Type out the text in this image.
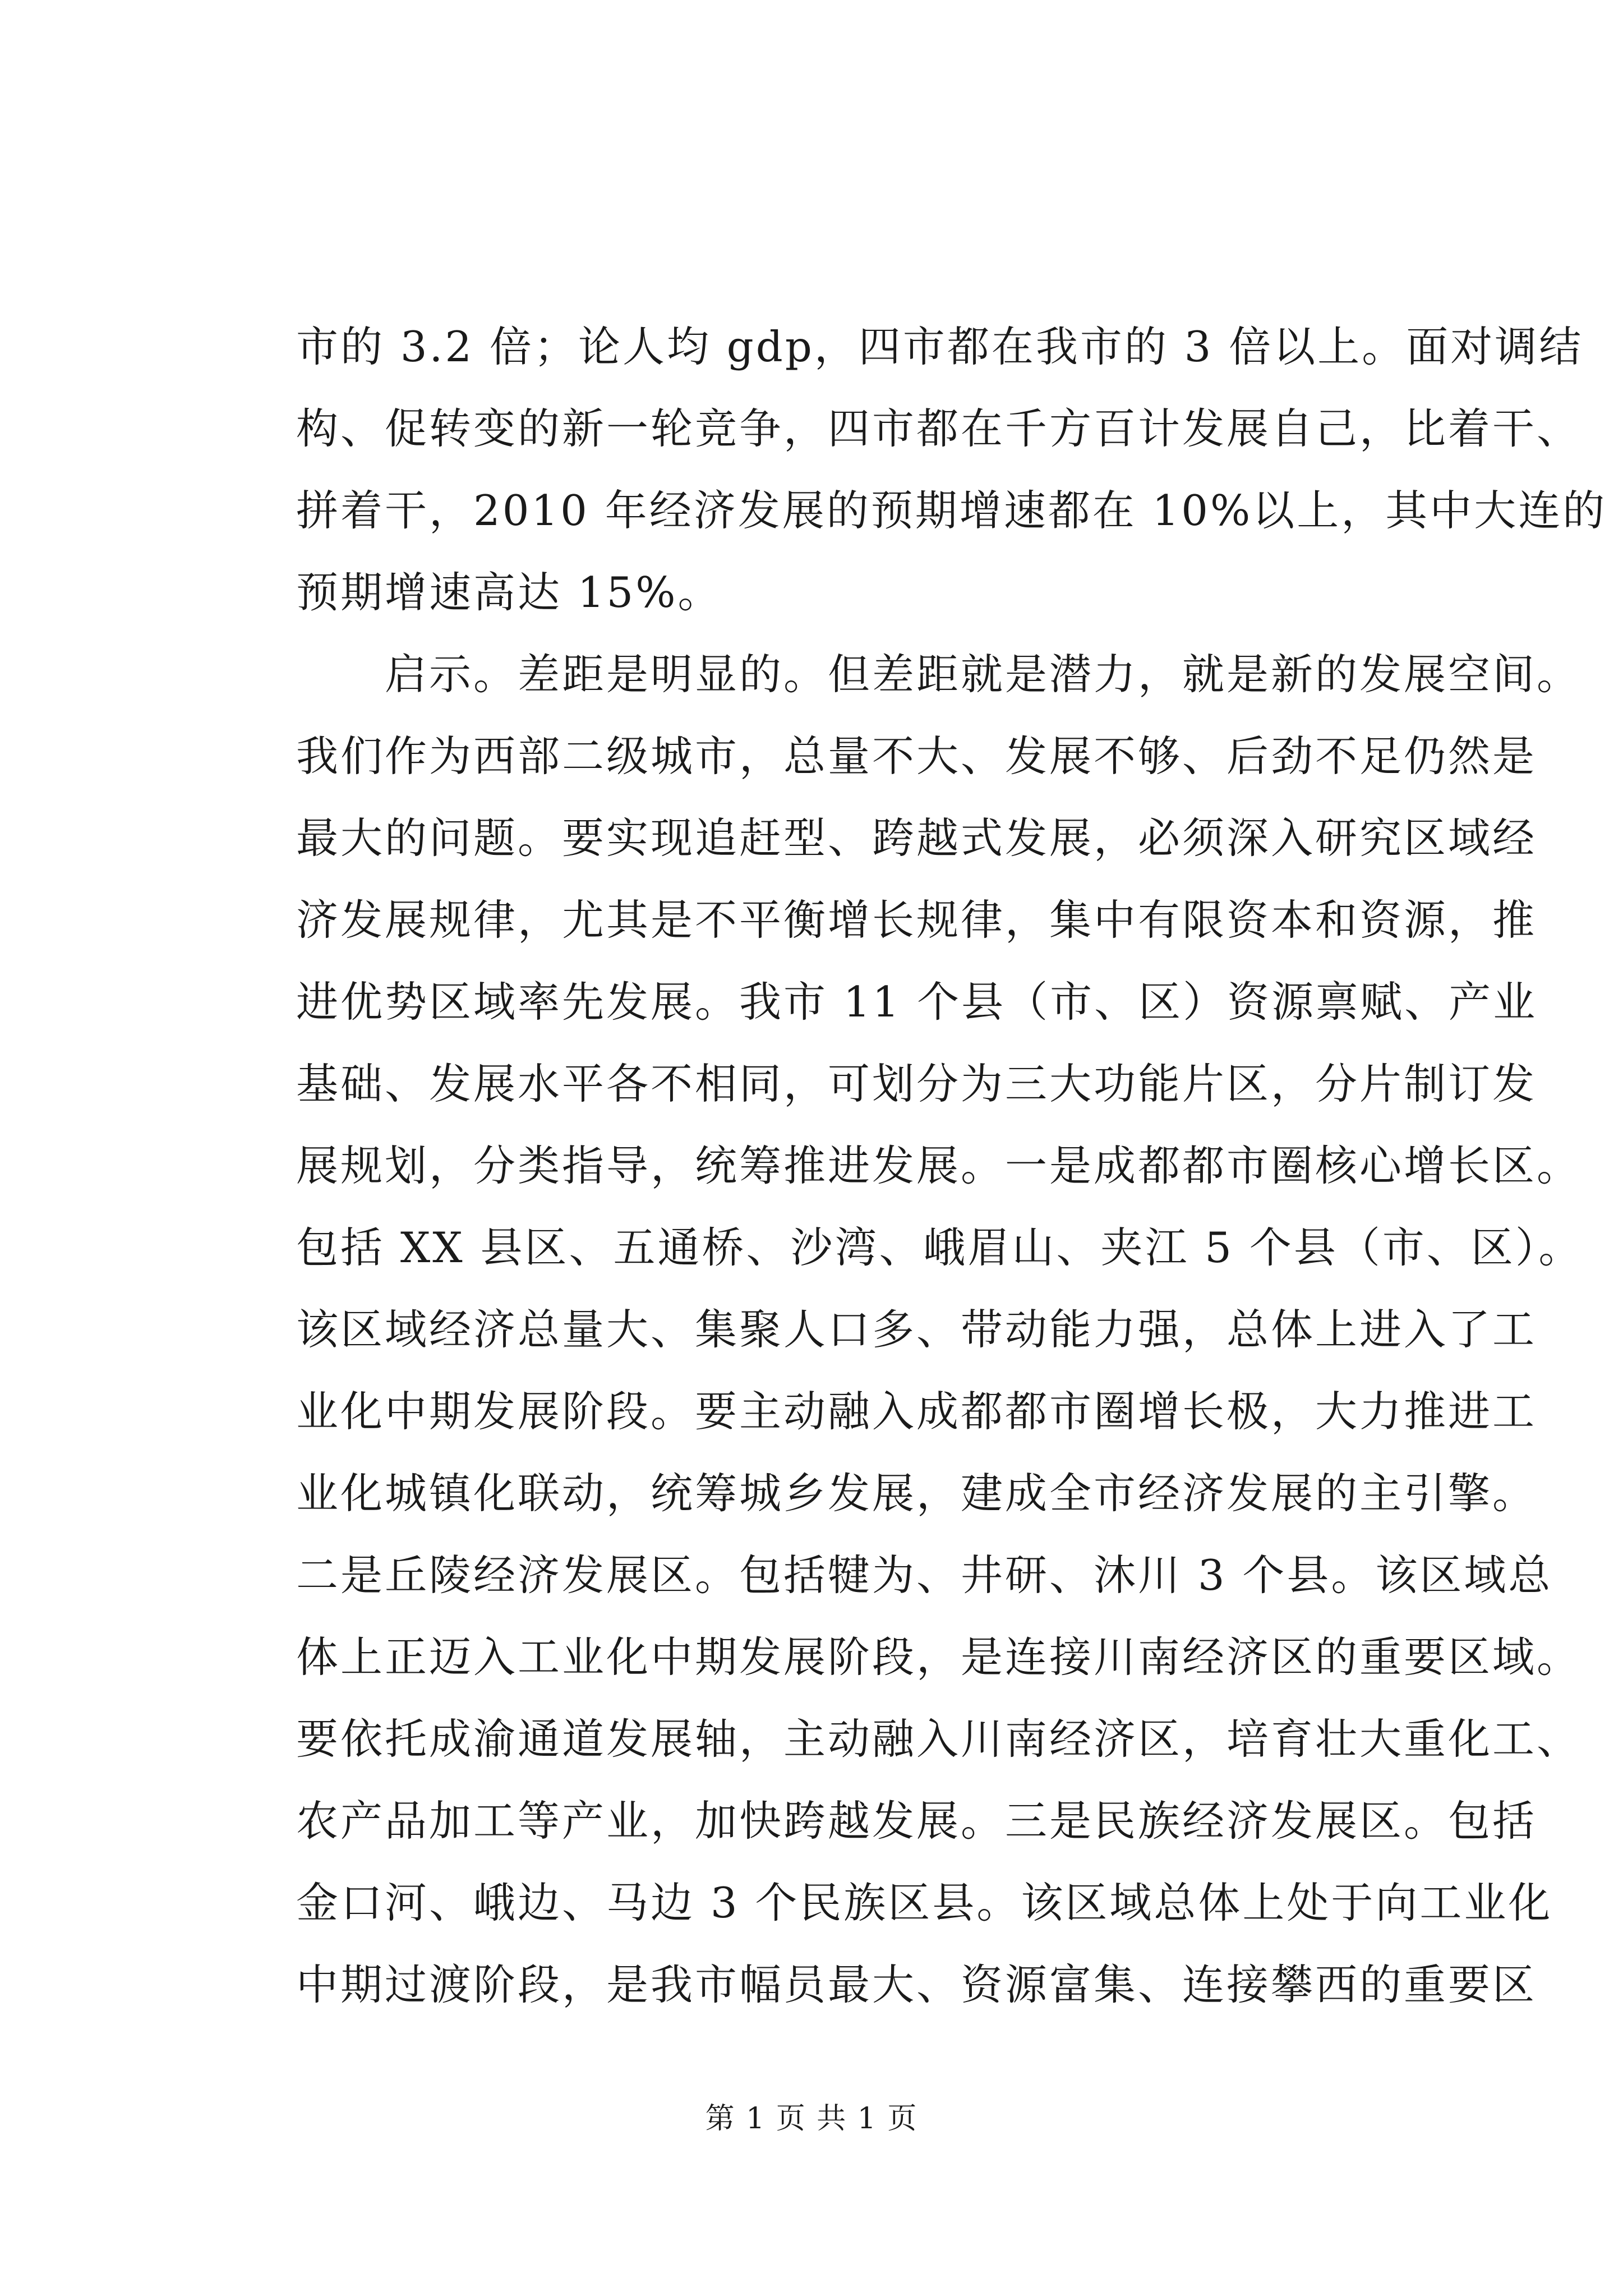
市的 3.2 倍；论人均 gdp，四市都在我市的 3 倍以上。面对调结
构、促转变的新一轮竞争，四市都在千方百计发展自己，比着干、
拼着干，2010 年经济发展的预期增速都在 10%以上，其中大连的
预期增速高达 15%。
　　启示。差距是明显的。但差距就是潜力，就是新的发展空间。
我们作为西部二级城市，总量不大、发展不够、后劲不足仍然是
最大的问题。要实现追赶型、跨越式发展，必须深入研究区域经
济发展规律，尤其是不平衡增长规律，集中有限资本和资源，推
进优势区域率先发展。我市 11 个县（市、区）资源禀赋、产业
基础、发展水平各不相同，可划分为三大功能片区，分片制订发
展规划，分类指导，统筹推进发展。一是成都都市圈核心增长区。
包括 XX 县区、五通桥、沙湾、峨眉山、夹江 5 个县（市、区）。
该区域经济总量大、集聚人口多、带动能力强，总体上进入了工
业化中期发展阶段。要主动融入成都都市圈增长极，大力推进工
业化城镇化联动，统筹城乡发展，建成全市经济发展的主引擎。
二是丘陵经济发展区。包括犍为、井研、沐川 3 个县。该区域总
体上正迈入工业化中期发展阶段，是连接川南经济区的重要区域。
要依托成渝通道发展轴，主动融入川南经济区，培育壮大重化工、
农产品加工等产业，加快跨越发展。三是民族经济发展区。包括
金口河、峨边、马边 3 个民族区县。该区域总体上处于向工业化
中期过渡阶段，是我市幅员最大、资源富集、连接攀西的重要区
第 1 页 共 1 页
